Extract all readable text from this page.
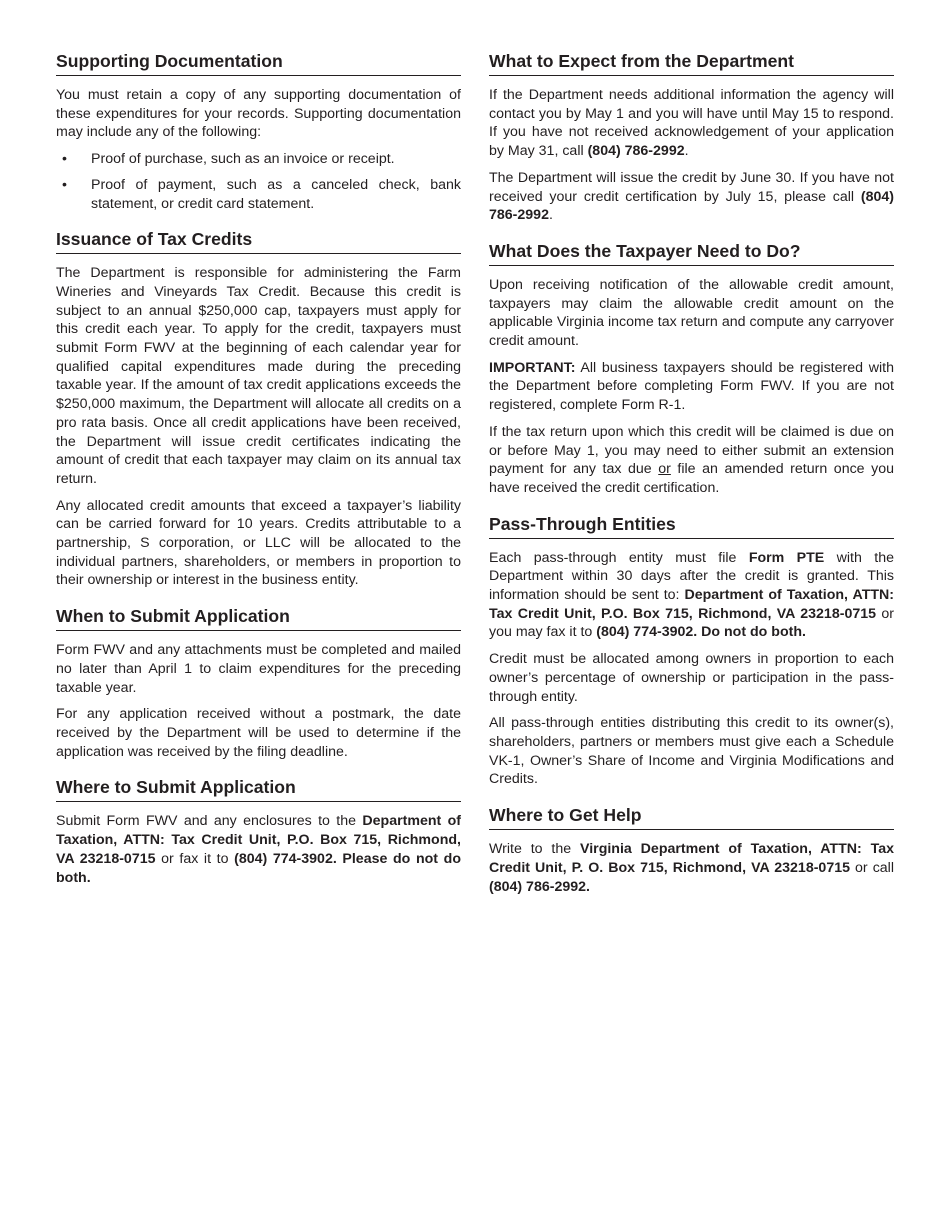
Supporting Documentation

You must retain a copy of any supporting documentation of these expenditures for your records. Supporting documentation may include any of the following:

• Proof of purchase, such as an invoice or receipt.
• Proof of payment, such as a canceled check, bank statement, or credit card statement.
Issuance of Tax Credits

The Department is responsible for administering the Farm Wineries and Vineyards Tax Credit. Because this credit is subject to an annual $250,000 cap, taxpayers must apply for this credit each year. To apply for the credit, taxpayers must submit Form FWV at the beginning of each calendar year for qualified capital expenditures made during the preceding taxable year. If the amount of tax credit applications exceeds the $250,000 maximum, the Department will allocate all credits on a pro rata basis. Once all credit applications have been received, the Department will issue credit certificates indicating the amount of credit that each taxpayer may claim on its annual tax return.

Any allocated credit amounts that exceed a taxpayer’s liability can be carried forward for 10 years. Credits attributable to a partnership, S corporation, or LLC will be allocated to the individual partners, shareholders, or members in proportion to their ownership or interest in the business entity.

When to Submit Application

Form FWV and any attachments must be completed and mailed no later than April 1 to claim expenditures for the preceding taxable year.

For any application received without a postmark, the date received by the Department will be used to determine if the application was received by the filing deadline.

Where to Submit Application

Submit Form FWV and any enclosures to the Department of Taxation, ATTN: Tax Credit Unit, P.O. Box 715, Richmond, VA 23218-0715 or fax it to (804) 774-3902. Please do not do both.

What to Expect from the Department

If the Department needs additional information the agency will contact you by May 1 and you will have until May 15 to respond. If you have not received acknowledgement of your application by May 31, call (804) 786-2992.

The Department will issue the credit by June 30. If you have not received your credit certification by July 15, please call (804) 786-2992.

What Does the Taxpayer Need to Do?

Upon receiving notification of the allowable credit amount, taxpayers may claim the allowable credit amount on the applicable Virginia income tax return and compute any carryover credit amount.

IMPORTANT: All business taxpayers should be registered with the Department before completing Form FWV. If you are not registered, complete Form R-1.

If the tax return upon which this credit will be claimed is due on or before May 1, you may need to either submit an extension payment for any tax due or file an amended return once you have received the credit certification.

Pass-Through Entities

Each pass-through entity must file Form PTE with the Department within 30 days after the credit is granted. This information should be sent to: Department of Taxation, ATTN: Tax Credit Unit, P.O. Box 715, Richmond, VA 23218-0715 or you may fax it to (804) 774-3902. Do not do both.

Credit must be allocated among owners in proportion to each owner’s percentage of ownership or participation in the pass-through entity.

All pass-through entities distributing this credit to its owner(s), shareholders, partners or members must give each a Schedule VK-1, Owner’s Share of Income and Virginia Modifications and Credits.

Where to Get Help

Write to the Virginia Department of Taxation, ATTN: Tax Credit Unit, P. O. Box 715, Richmond, VA 23218-0715 or call (804) 786-2992.
